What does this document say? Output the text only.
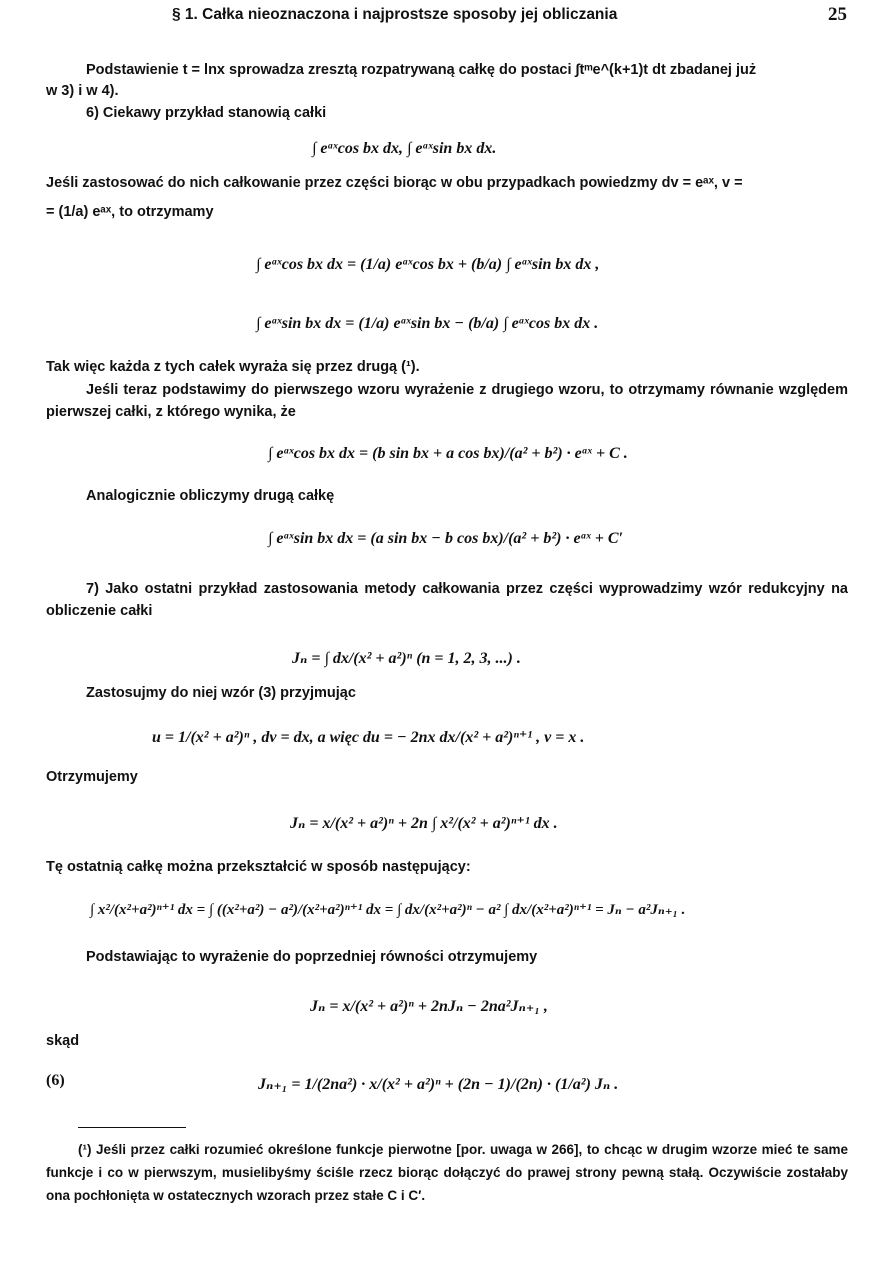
§ 1. Całka nieoznaczona i najprostsze sposoby jej obliczania	25
Podstawienie t = lnx sprowadza zresztą rozpatrywaną całkę do postaci ∫tᵐe^(k+1)t dt zbadanej już
w 3) i w 4).
6) Ciekawy przykład stanowią całki
∫ eᵃˣcos bx dx, ∫ eᵃˣsin bx dx.
Jeśli zastosować do nich całkowanie przez części biorąc w obu przypadkach powiedzmy dv = eᵃˣ, v =
= (1/a) eᵃˣ, to otrzymamy
∫ eᵃˣcos bx dx = (1/a) eᵃˣcos bx + (b/a) ∫ eᵃˣsin bx dx ,
∫ eᵃˣsin bx dx = (1/a) eᵃˣsin bx − (b/a) ∫ eᵃˣcos bx dx .
Tak więc każda z tych całek wyraża się przez drugą (¹).
Jeśli teraz podstawimy do pierwszego wzoru wyrażenie z drugiego wzoru, to otrzymamy równanie względem pierwszej całki, z którego wynika, że
∫ eᵃˣcos bx dx = (b sin bx + a cos bx)/(a² + b²) · eᵃˣ + C .
Analogicznie obliczymy drugą całkę
∫ eᵃˣsin bx dx = (a sin bx − b cos bx)/(a² + b²) · eᵃˣ + C′
7) Jako ostatni przykład zastosowania metody całkowania przez części wyprowadzimy wzór redukcyjny na obliczenie całki
Jₙ = ∫ dx/(x² + a²)ⁿ (n = 1, 2, 3, ...) .
Zastosujmy do niej wzór (3) przyjmując
u = 1/(x² + a²)ⁿ , dv = dx, a więc du = − 2nx dx/(x² + a²)ⁿ⁺¹ , v = x .
Otrzymujemy
Jₙ = x/(x² + a²)ⁿ + 2n ∫ x²/(x² + a²)ⁿ⁺¹ dx .
Tę ostatnią całkę można przekształcić w sposób następujący:
∫ x²/(x²+a²)ⁿ⁺¹ dx = ∫ ((x²+a²) − a²)/(x²+a²)ⁿ⁺¹ dx = ∫ dx/(x²+a²)ⁿ − a² ∫ dx/(x²+a²)ⁿ⁺¹ = Jₙ − a²Jₙ₊₁ .
Podstawiając to wyrażenie do poprzedniej równości otrzymujemy
Jₙ = x/(x² + a²)ⁿ + 2nJₙ − 2na²Jₙ₊₁ ,
skąd
(6)	Jₙ₊₁ = 1/(2na²) · x/(x² + a²)ⁿ + (2n − 1)/(2n) · (1/a²) Jₙ .
(¹) Jeśli przez całki rozumieć określone funkcje pierwotne [por. uwaga w 266], to chcąc w drugim wzorze mieć te same funkcje i co w pierwszym, musielibyśmy ściśle rzecz biorąc dołączyć do prawej strony pewną stałą. Oczywiście zostałaby ona pochłonięta w ostatecznych wzorach przez stałe C i C′.
